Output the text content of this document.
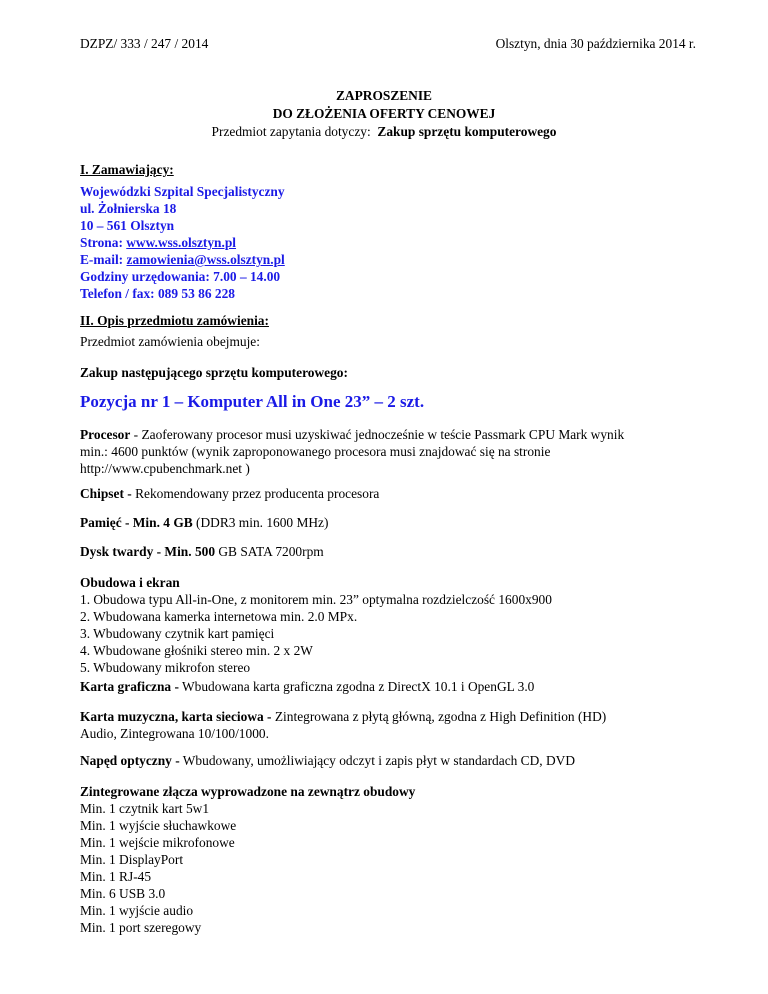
DZPZ/ 333 / 247 / 2014	Olsztyn, dnia 30 października 2014 r.
ZAPROSZENIE
DO ZŁOŻENIA OFERTY CENOWEJ
Przedmiot zapytania dotyczy: Zakup sprzętu komputerowego
I. Zamawiający:
Wojewódzki Szpital Specjalistyczny
ul. Żołnierska 18
10 – 561 Olsztyn
Strona: www.wss.olsztyn.pl
E-mail: zamowienia@wss.olsztyn.pl
Godziny urzędowania: 7.00 – 14.00
Telefon / fax: 089 53 86 228
II. Opis przedmiotu zamówienia:
Przedmiot zamówienia obejmuje:
Zakup następującego sprzętu komputerowego:
Pozycja nr 1 – Komputer All in One 23” – 2 szt.
Procesor - Zaoferowany procesor musi uzyskiwać jednocześnie w teście Passmark CPU Mark wynik
min.: 4600 punktów (wynik zaproponowanego procesora musi znajdować się na stronie
http://www.cpubenchmark.net )
Chipset - Rekomendowany przez producenta procesora
Pamięć - Min. 4 GB (DDR3 min. 1600 MHz)
Dysk twardy - Min. 500 GB SATA 7200rpm
Obudowa i ekran
1. Obudowa typu All-in-One, z monitorem min. 23” optymalna rozdzielczość 1600x900
2. Wbudowana kamerka internetowa min. 2.0 MPx.
3. Wbudowany czytnik kart pamięci
4. Wbudowane głośniki stereo min. 2 x 2W
5. Wbudowany mikrofon stereo
Karta graficzna - Wbudowana karta graficzna zgodna z DirectX 10.1 i OpenGL 3.0
Karta muzyczna, karta sieciowa - Zintegrowana z płytą główną, zgodna z High Definition (HD)
Audio, Zintegrowana 10/100/1000.
Napęd optyczny - Wbudowany, umożliwiający odczyt i zapis płyt w standardach CD, DVD
Zintegrowane złącza wyprowadzone na zewnątrz obudowy
Min. 1 czytnik kart 5w1
Min. 1 wyjście słuchawkowe
Min. 1 wejście mikrofonowe
Min. 1 DisplayPort
Min. 1 RJ-45
Min. 6 USB 3.0
Min. 1 wyjście audio
Min. 1 port szeregowy
